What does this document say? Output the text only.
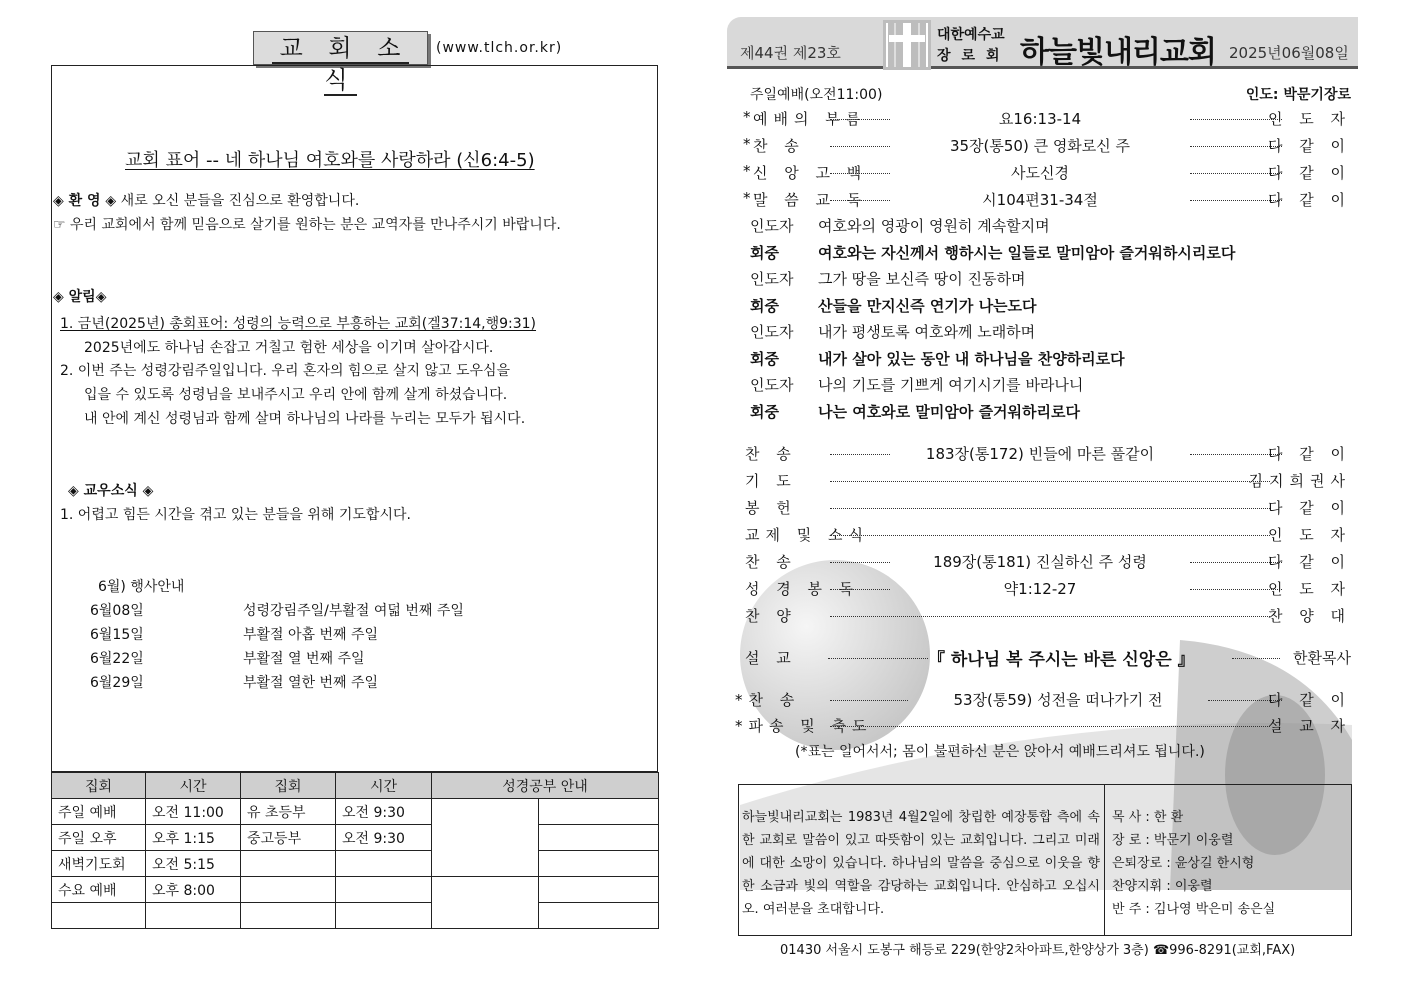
교 회 소 식
(www.tlch.or.kr)
교회 표어 -- 네 하나님 여호와를 사랑하라 (신6:4-5)
◈ 환 영 ◈ 새로 오신 분들을 진심으로 환영합니다.
☞ 우리 교회에서 함께 믿음으로 살기를 원하는 분은 교역자를 만나주시기 바랍니다.
◈ 알림◈
1. 금년(2025년) 총회표어: 성령의 능력으로 부흥하는 교회(겔37:14,행9:31)
2025년에도 하나님 손잡고 거칠고 험한 세상을 이기며 살아갑시다.
2. 이번 주는 성령강림주일입니다. 우리 혼자의 힘으로 살지 않고 도우심을
입을 수 있도록 성령님을 보내주시고 우리 안에 함께 살게 하셨습니다.
내 안에 계신 성령님과 함께 살며 하나님의 나라를 누리는 모두가 됩시다.
◈ 교우소식 ◈
1. 어렵고 힘든 시간을 겪고 있는 분들을 위해 기도합시다.
6월) 행사안내
6월08일	성령강림주일/부활절 여덟 번째 주일
6월15일	부활절 아홉 번째 주일
6월22일	부활절 열 번째 주일
6월29일	부활절 열한 번째 주일
집회	시간	집회	시간	성경공부 안내	
주일 예배	오전 11:00	유 초등부	오전 9:30		
주일 오후	오후 1:15	중고등부	오전 9:30		
새벽기도회	오전 5:15				
수요 예배	오후 8:00				

제44권 제23호
대한예수교
장로회 하늘빛내리교회 2025년06월08일
주일예배(오전11:00)	인도: 박문기장로
* 예배의 부름	요16:13-14	인 도 자
* 찬 송	35장(통50) 큰 영화로신 주	다 같 이
* 신 앙 고 백	사도신경	다 같 이
* 말 씀 교 독	시104편31-34절	다 같 이
인도자 여호와의 영광이 영원히 계속할지며
회중	여호와는 자신께서 행하시는 일들로 말미암아 즐거워하시리로다
인도자 그가 땅을 보신즉 땅이 진동하며
회중	산들을 만지신즉 연기가 나는도다
인도자 내가 평생토록 여호와께 노래하며
회중	내가 살아 있는 동안 내 하나님을 찬양하리로다
인도자 나의 기도를 기쁘게 여기시기를 바라나니
회중	나는 여호와로 말미암아 즐거워하리로다
찬 송	183장(통172) 빈들에 마른 풀같이	다 같 이
기 도	김지희권사
봉 헌	다 같 이
교제 및 소식	인 도 자
찬 송	189장(통181) 진실하신 주 성령	다 같 이
성 경 봉 독	약1:12-27	인 도 자
찬 양	찬 양 대
설 교	『 하나님 복 주시는 바른 신앙은 』	한환목사
*찬 송	53장(통59) 성전을 떠나가기 전	다 같 이
*파송 및 축도	설 교 자
(*표는 일어서서; 몸이 불편하신 분은 앉아서 예배드리셔도 됩니다.)
하늘빛내리교회는 1983년 4월2일에 창립한 예장통합 측에 속한 교회로 말씀이 있고 따뜻함이 있는 교회입니다. 그리고 미래에 대한 소망이 있습니다. 하나님의 말씀을 중심으로 이웃을 향한 소금과 빛의 역할을 감당하는 교회입니다. 안심하고 오십시오. 여러분을 초대합니다.
목 사 : 한 환
장 로 : 박문기 이웅렬
은퇴장로 : 윤상길 한시형
찬양지휘 : 이웅렬
반 주 : 김나영 박은미 송은실
01430 서울시 도봉구 해등로 229(한양2차아파트,한양상가 3층) ☎996-8291(교회,FAX)
